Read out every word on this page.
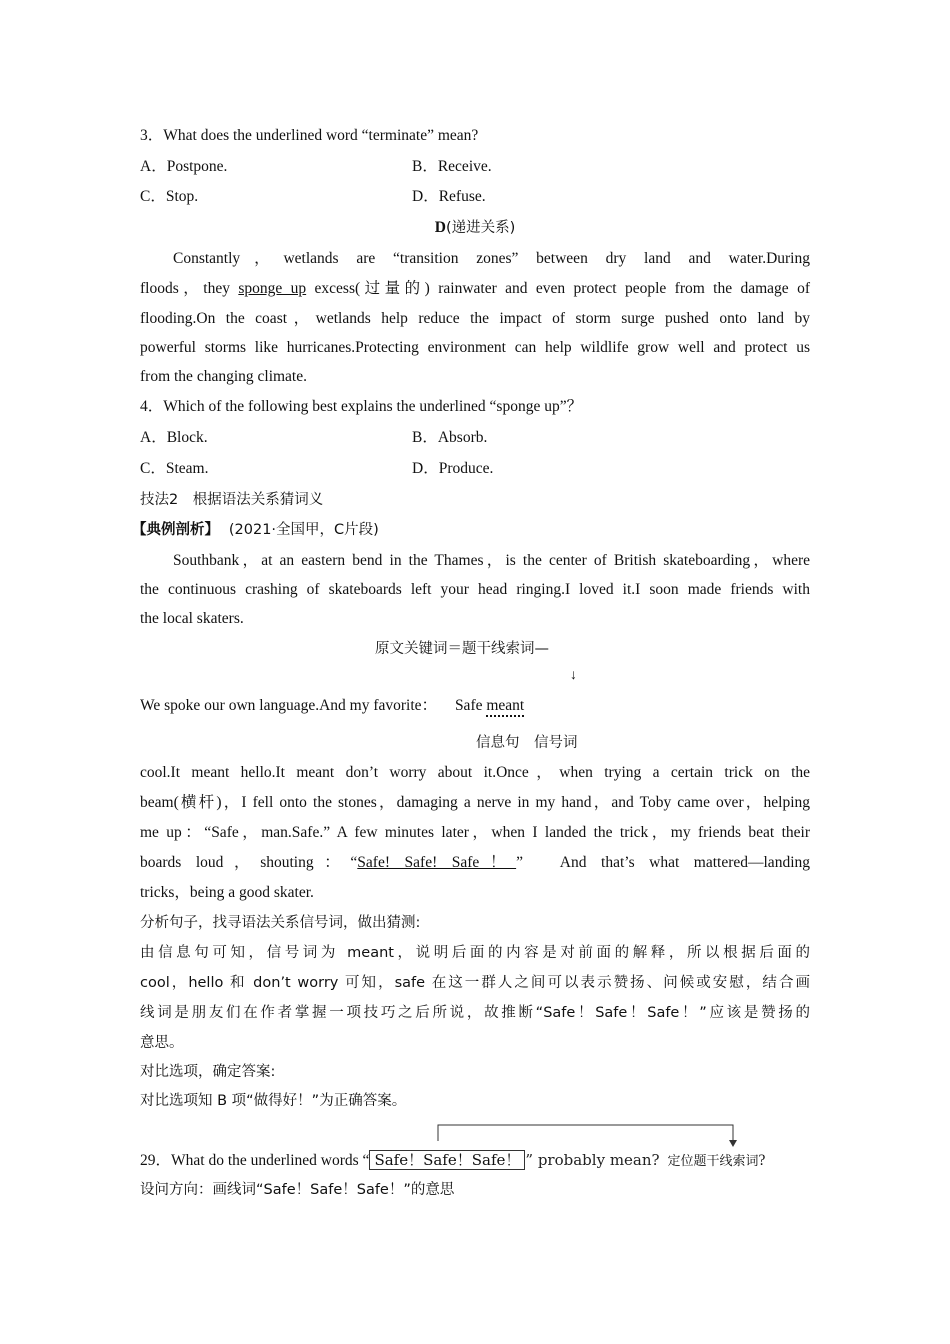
3．What does the underlined word “terminate” mean?
A．Postpone.	B．Receive.
C．Stop.	D．Refuse.
D(递进关系)
Constantly，wetlands are “transition zones” between dry land and water.During
floods，they sponge up excess(过量的) rainwater and even protect people from the damage of
flooding.On the coast，wetlands help reduce the impact of storm surge pushed onto land by
powerful storms like hurricanes.Protecting environment can help wildlife grow well and protect us
from the changing climate.
4．Which of the following best explains the underlined “sponge up”？
A．Block.	B．Absorb.
C．Steam.	D．Produce.
技法2　根据语法关系猜词义
【典例剖析】 (2021·全国甲，C片段)
Southbank，at an eastern bend in the Thames，is the center of British skateboarding，where
the continuous crashing of skateboards left your head ringing.I loved it.I soon made friends with
the local skaters.
原文关键词＝题干线索词—
↓
We spoke our own language.And my favorite： Safe meant
信息句 信号词
cool.It meant hello.It meant don’t worry about it.Once，when trying a certain trick on the
beam(横杆)，I fell onto the stones，damaging a nerve in my hand，and Toby came over，helping
me up：“Safe，man.Safe.” A few minutes later，when I landed the trick，my friends beat their
boards loud，shouting：“Safe! Safe! Safe！”　And that’s what mattered—landing
tricks，being a good skater.
分析句子，找寻语法关系信号词，做出猜测:
由信息句可知，信号词为 meant，说明后面的内容是对前面的解释，所以根据后面的
cool，hello 和 don’t worry 可知，safe 在这一群人之间可以表示赞扬、问候或安慰，结合画
线词是朋友们在作者掌握一项技巧之后所说，故推断“Safe！Safe！Safe！”应该是赞扬的
意思。
对比选项，确定答案:
对比选项知 B 项“做得好！”为正确答案。
29．What do the underlined words “ Safe！Safe！Safe！ ” probably mean? 定位题干线索词?
设问方向：画线词“Safe！Safe！Safe！”的意思
